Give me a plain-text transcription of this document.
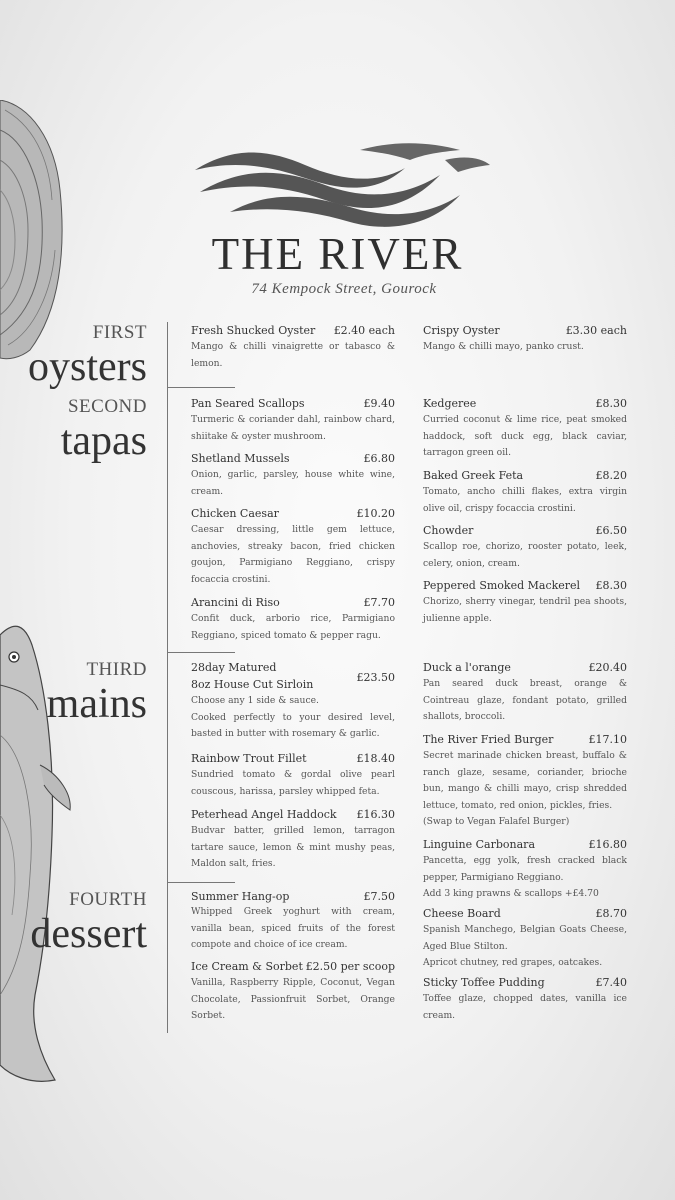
THE RIVER
74 Kempock Street, Gourock
FIRST
oysters
SECOND
tapas
THIRD
mains
FOURTH
dessert
Fresh Shucked Oyster	£2.40 each
Mango & chilli vinaigrette or tabasco & lemon.
Crispy Oyster	£3.30 each
Mango & chilli mayo, panko crust.
Pan Seared Scallops	£9.40
Turmeric & coriander dahl, rainbow chard, shiitake & oyster mushroom.
Shetland Mussels	£6.80
Onion, garlic, parsley, house white wine, cream.
Chicken Caesar	£10.20
Caesar dressing, little gem lettuce, anchovies, streaky bacon, fried chicken goujon, Parmigiano Reggiano, crispy focaccia crostini.
Arancini di Riso	£7.70
Confit duck, arborio rice, Parmigiano Reggiano, spiced tomato & pepper ragu.
Kedgeree	£8.30
Curried coconut & lime rice, peat smoked haddock, soft duck egg, black caviar, tarragon green oil.
Baked Greek Feta	£8.20
Tomato, ancho chilli flakes, extra virgin olive oil, crispy focaccia crostini.
Chowder	£6.50
Scallop roe, chorizo, rooster potato, leek, celery, onion, cream.
Peppered Smoked Mackerel	£8.30
Chorizo, sherry vinegar, tendril pea shoots, julienne apple.
28day Matured
8oz House Cut Sirloin
£23.50
Choose any 1 side & sauce.
Cooked perfectly to your desired level, basted in butter with rosemary & garlic.
Rainbow Trout Fillet	£18.40
Sundried tomato & gordal olive pearl couscous, harissa, parsley whipped feta.
Peterhead Angel Haddock	£16.30
Budvar batter, grilled lemon, tarragon tartare sauce, lemon & mint mushy peas, Maldon salt, fries.
Duck a l'orange	£20.40
Pan seared duck breast, orange & Cointreau glaze, fondant potato, grilled shallots, broccoli.
The River Fried Burger	£17.10
Secret marinade chicken breast, buffalo & ranch glaze, sesame, coriander, brioche bun, mango & chilli mayo, crisp shredded lettuce, tomato, red onion, pickles, fries.
(Swap to Vegan Falafel Burger)
Linguine Carbonara	£16.80
Pancetta, egg yolk, fresh cracked black pepper, Parmigiano Reggiano.
Add 3 king prawns & scallops +£4.70
Summer Hang-op	£7.50
Whipped Greek yoghurt with cream, vanilla bean, spiced fruits of the forest compote and choice of ice cream.
Ice Cream & Sorbet £2.50 per scoop
Vanilla, Raspberry Ripple, Coconut, Vegan Chocolate, Passionfruit Sorbet, Orange Sorbet.
Cheese Board	£8.70
Spanish Manchego, Belgian Goats Cheese, Aged Blue Stilton.
Apricot chutney, red grapes, oatcakes.
Sticky Toffee Pudding	£7.40
Toffee glaze, chopped dates, vanilla ice cream.
